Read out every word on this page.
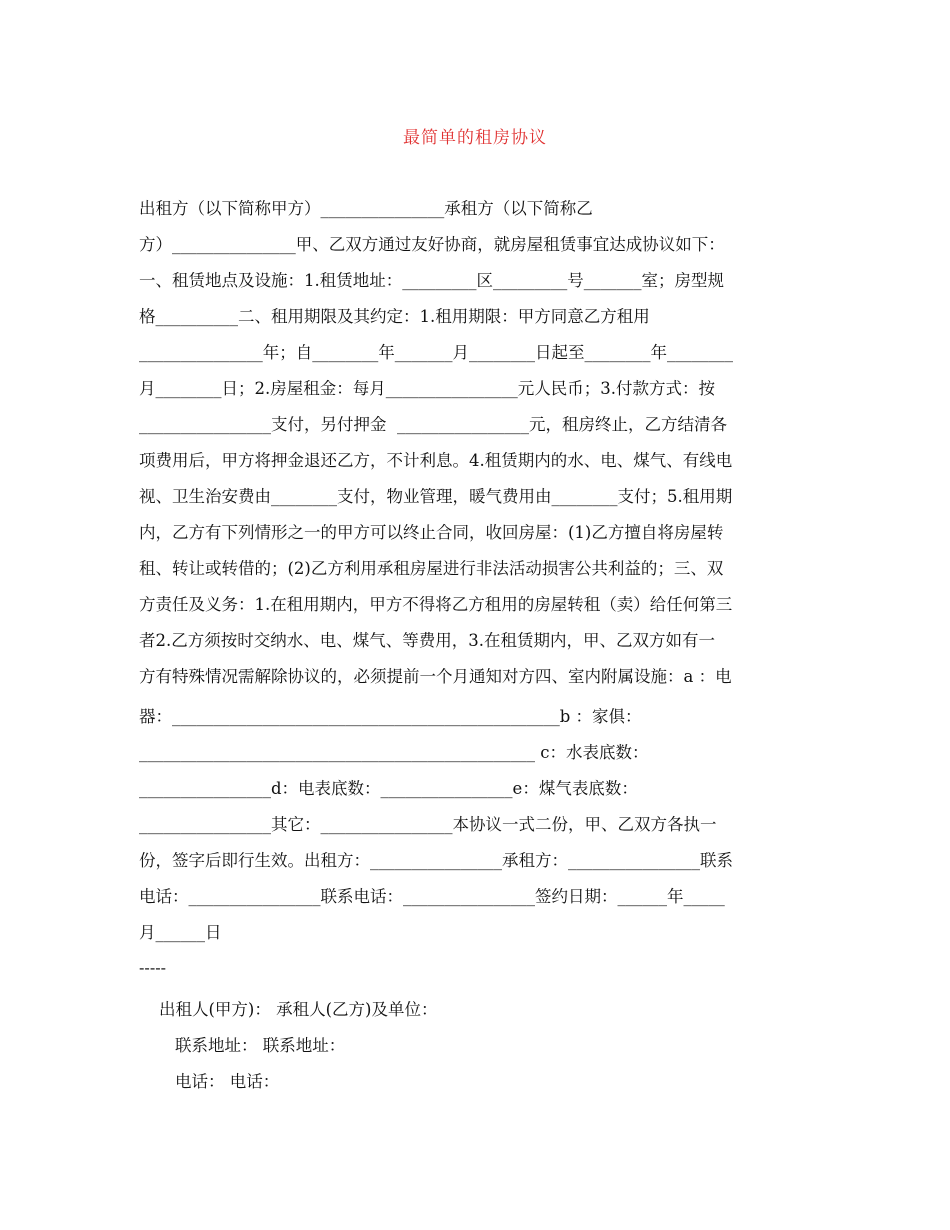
最简单的租房协议
出租方（以下简称甲方）_______________承租方（以下简称乙
方）_______________甲、乙双方通过友好协商，就房屋租赁事宜达成协议如下：
一、租赁地点及设施：1.租赁地址：_________区_________号_______室；房型规
格__________二、租用期限及其约定：1.租用期限：甲方同意乙方租用
_______________年；自________年_______月________日起至________年________
月________日；2.房屋租金：每月________________元人民币；3.付款方式：按
________________支付，另付押金  ________________元，租房终止，乙方结清各
项费用后，甲方将押金退还乙方，不计利息。4.租赁期内的水、电、煤气、有线电
视、卫生治安费由________支付，物业管理，暖气费用由________支付；5.租用期
内，乙方有下列情形之一的甲方可以终止合同，收回房屋：(1)乙方擅自将房屋转
租、转让或转借的；(2)乙方利用承租房屋进行非法活动损害公共利益的；三、双
方责任及义务：1.在租用期内，甲方不得将乙方租用的房屋转租（卖）给任何第三
者2.乙方须按时交纳水、电、煤气、等费用，3.在租赁期内，甲、乙双方如有一
方有特殊情况需解除协议的，必须提前一个月通知对方四、室内附属设施：a ：电
器：_______________________________________________b ：家俱：
________________________________________________ c：水表底数：
________________d：电表底数：________________e：煤气表底数：
________________其它：________________本协议一式二份，甲、乙双方各执一
份，签字后即行生效。出租方：________________承租方：________________联系
电话：________________联系电话：________________签约日期：______年_____
月______日
-----
出租人(甲方)： 承租人(乙方)及单位：
联系地址： 联系地址：
电话： 电话：
